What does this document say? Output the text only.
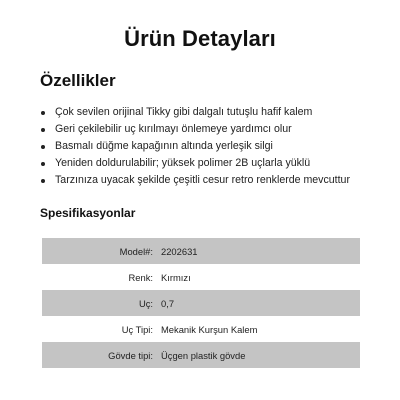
Ürün Detayları
Özellikler
Çok sevilen orijinal Tikky gibi dalgalı tutuşlu hafif kalem
Geri çekilebilir uç kırılmayı önlemeye yardımcı olur
Basmalı düğme kapağının altında yerleşik silgi
Yeniden doldurulabilir; yüksek polimer 2B uçlarla yüklü
Tarzınıza uyacak şekilde çeşitli cesur retro renklerde mevcuttur
Spesifikasyonlar
Model#:	2202631
Renk:	Kırmızı
Uç:	0,7
Uç Tipi:	Mekanik Kurşun Kalem
Gövde tipi:	Üçgen plastik gövde
